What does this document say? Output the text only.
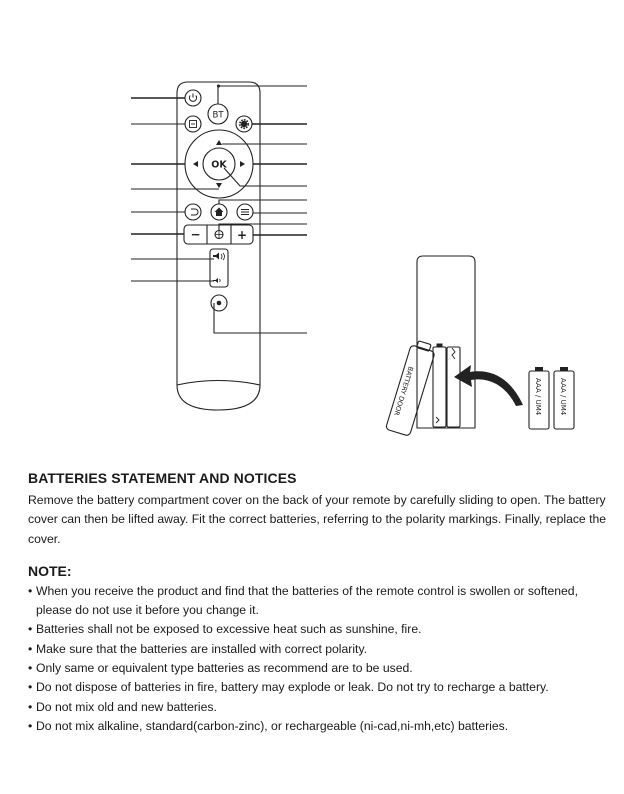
BT
OK
−	+
BATTERY DOOR	AAA / UM4 AAA / UM4
BATTERIES STATEMENT AND NOTICES

Remove the battery compartment cover on the back of your remote by carefully sliding to open. The battery cover can then be lifted away. Fit the correct batteries, referring to the polarity markings. Finally, replace the cover.

NOTE:
• When you receive the product and find that the batteries of the remote control is swollen or softened, please do not use it before you change it.
• Batteries shall not be exposed to excessive heat such as sunshine, fire.
• Make sure that the batteries are installed with correct polarity.
• Only same or equivalent type batteries as recommend are to be used.
• Do not dispose of batteries in fire, battery may explode or leak. Do not try to recharge a battery.
• Do not mix old and new batteries.
• Do not mix alkaline, standard(carbon-zinc), or rechargeable (ni-cad,ni-mh,etc) batteries.
